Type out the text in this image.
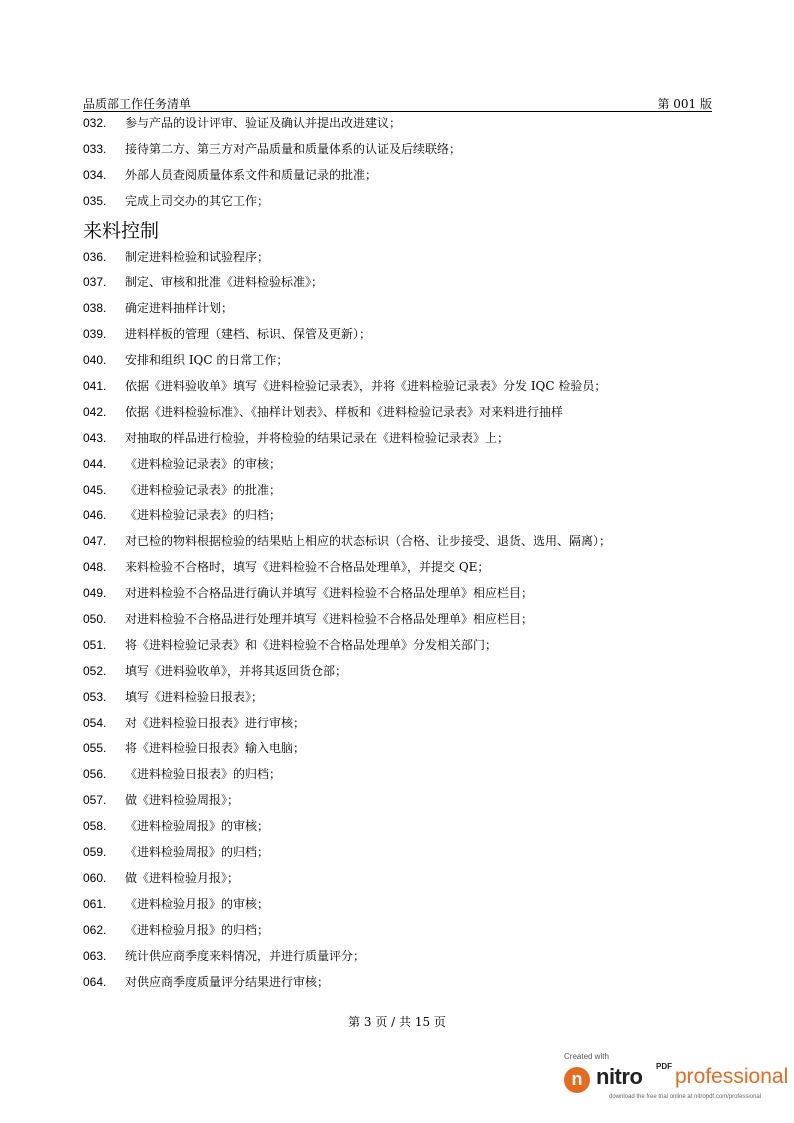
品质部工作任务清单	第 001 版
032. 参与产品的设计评审、验证及确认并提出改进建议；
033. 接待第二方、第三方对产品质量和质量体系的认证及后续联络；
034. 外部人员查阅质量体系文件和质量记录的批准；
035. 完成上司交办的其它工作；
来料控制
036. 制定进料检验和试验程序；
037. 制定、审核和批准《进料检验标准》；
038. 确定进料抽样计划；
039. 进料样板的管理（建档、标识、保管及更新）；
040. 安排和组织 IQC 的日常工作；
041. 依据《进料验收单》填写《进料检验记录表》，并将《进料检验记录表》分发 IQC 检验员；
042. 依据《进料检验标准》、《抽样计划表》、样板和《进料检验记录表》对来料进行抽样
043. 对抽取的样品进行检验，并将检验的结果记录在《进料检验记录表》上；
044. 《进料检验记录表》的审核；
045. 《进料检验记录表》的批准；
046. 《进料检验记录表》的归档；
047. 对已检的物料根据检验的结果贴上相应的状态标识（合格、让步接受、退货、选用、隔离）；
048. 来料检验不合格时，填写《进料检验不合格品处理单》，并提交 QE；
049. 对进料检验不合格品进行确认并填写《进料检验不合格品处理单》相应栏目；
050. 对进料检验不合格品进行处理并填写《进料检验不合格品处理单》相应栏目；
051. 将《进料检验记录表》和《进料检验不合格品处理单》分发相关部门；
052. 填写《进料验收单》，并将其返回货仓部；
053. 填写《进料检验日报表》；
054. 对《进料检验日报表》进行审核；
055. 将《进料检验日报表》输入电脑；
056. 《进料检验日报表》的归档；
057. 做《进料检验周报》；
058. 《进料检验周报》的审核；
059. 《进料检验周报》的归档；
060. 做《进料检验月报》；
061. 《进料检验月报》的审核；
062. 《进料检验月报》的归档；
063. 统计供应商季度来料情况，并进行质量评分；
064. 对供应商季度质量评分结果进行审核；
第 3 页 / 共 15 页
Created with
n nitro PDF professional
download the free trial online at nitropdf.com/professional
